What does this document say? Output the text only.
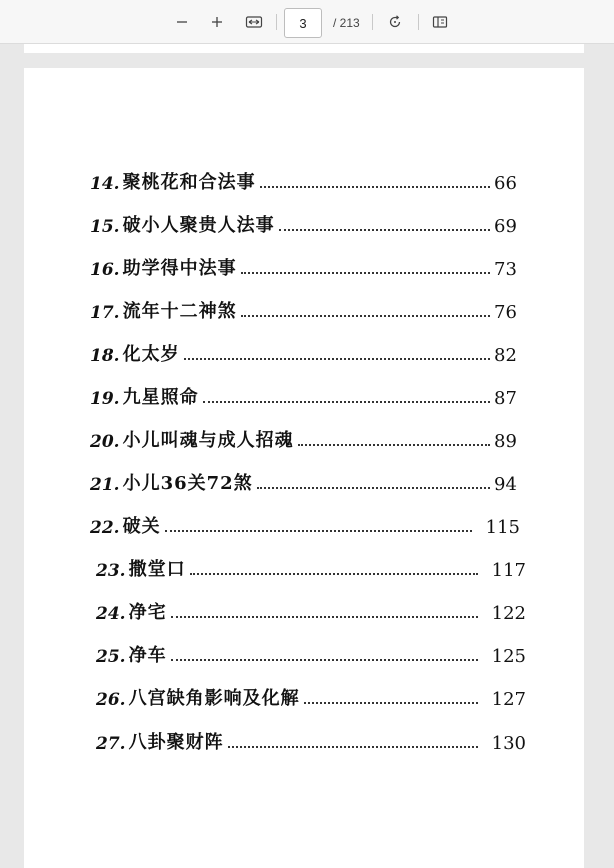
3
/ 213
14. 聚桃花和合法事	66
15. 破小人聚贵人法事	69
16. 助学得中法事	73
17. 流年十二神煞	76
18. 化太岁	82
19. 九星照命	87
20. 小儿叫魂与成人招魂	89
21. 小儿36关72煞	94
22. 破关	115
23. 撒堂口	117
24. 净宅	122
25. 净车	125
26. 八宫缺角影响及化解	127
27. 八卦聚财阵	130
